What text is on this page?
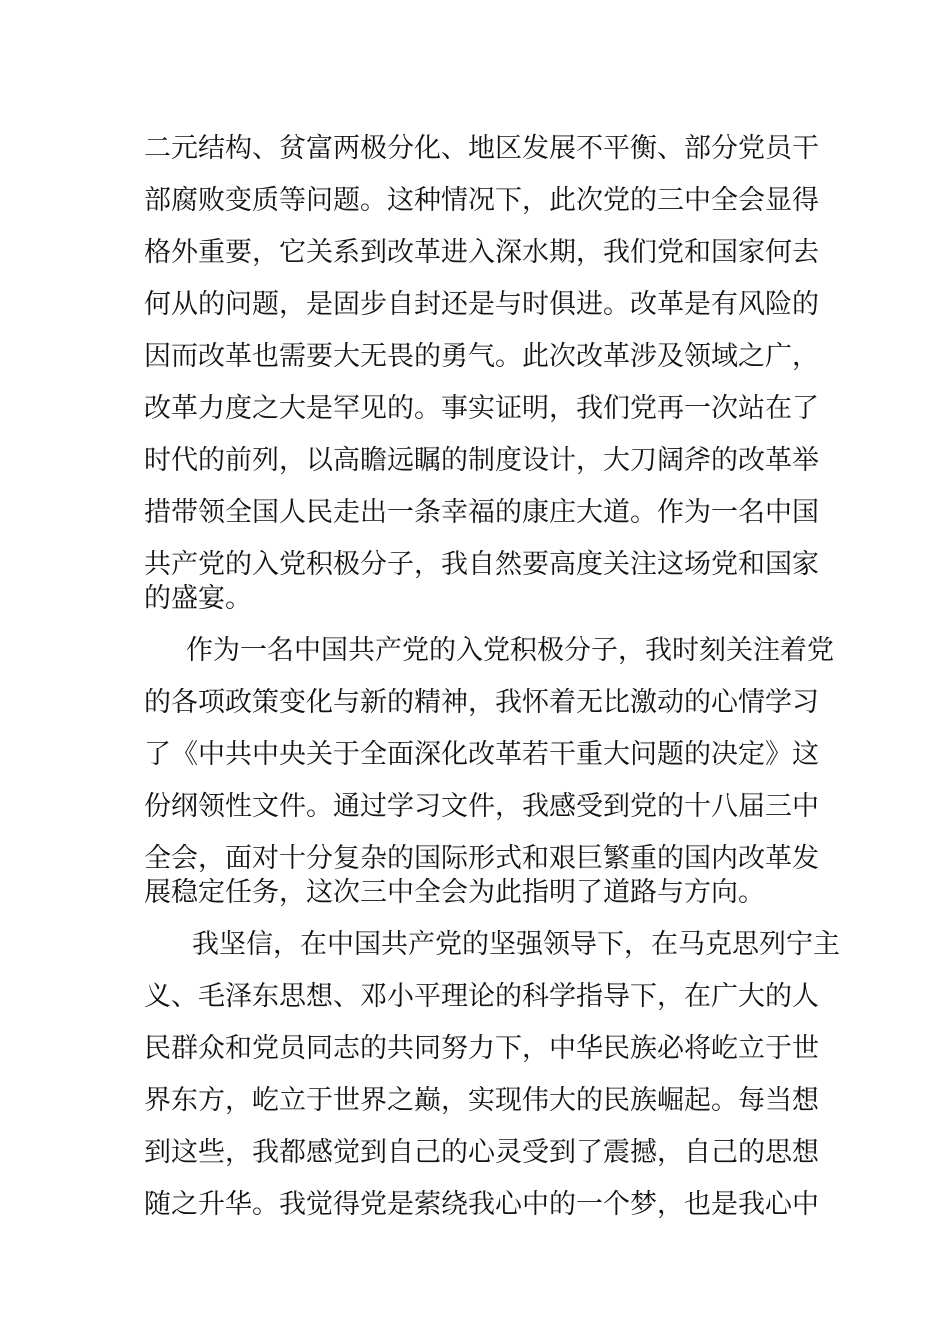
二元结构、贫富两极分化、地区发展不平衡、部分党员干
部腐败变质等问题。这种情况下，此次党的三中全会显得
格外重要，它关系到改革进入深水期，我们党和国家何去
何从的问题，是固步自封还是与时俱进。改革是有风险的
因而改革也需要大无畏的勇气。此次改革涉及领域之广，
改革力度之大是罕见的。事实证明，我们党再一次站在了
时代的前列，以高瞻远瞩的制度设计，大刀阔斧的改革举
措带领全国人民走出一条幸福的康庄大道。作为一名中国
共产党的入党积极分子，我自然要高度关注这场党和国家
的盛宴。
作为一名中国共产党的入党积极分子，我时刻关注着党
的各项政策变化与新的精神，我怀着无比激动的心情学习
了《中共中央关于全面深化改革若干重大问题的决定》这
份纲领性文件。通过学习文件，我感受到党的十八届三中
全会，面对十分复杂的国际形式和艰巨繁重的国内改革发
展稳定任务，这次三中全会为此指明了道路与方向。
我坚信，在中国共产党的坚强领导下，在马克思列宁主
义、毛泽东思想、邓小平理论的科学指导下，在广大的人
民群众和党员同志的共同努力下，中华民族必将屹立于世
界东方，屹立于世界之巅，实现伟大的民族崛起。每当想
到这些，我都感觉到自己的心灵受到了震撼，自己的思想
随之升华。我觉得党是萦绕我心中的一个梦，也是我心中
